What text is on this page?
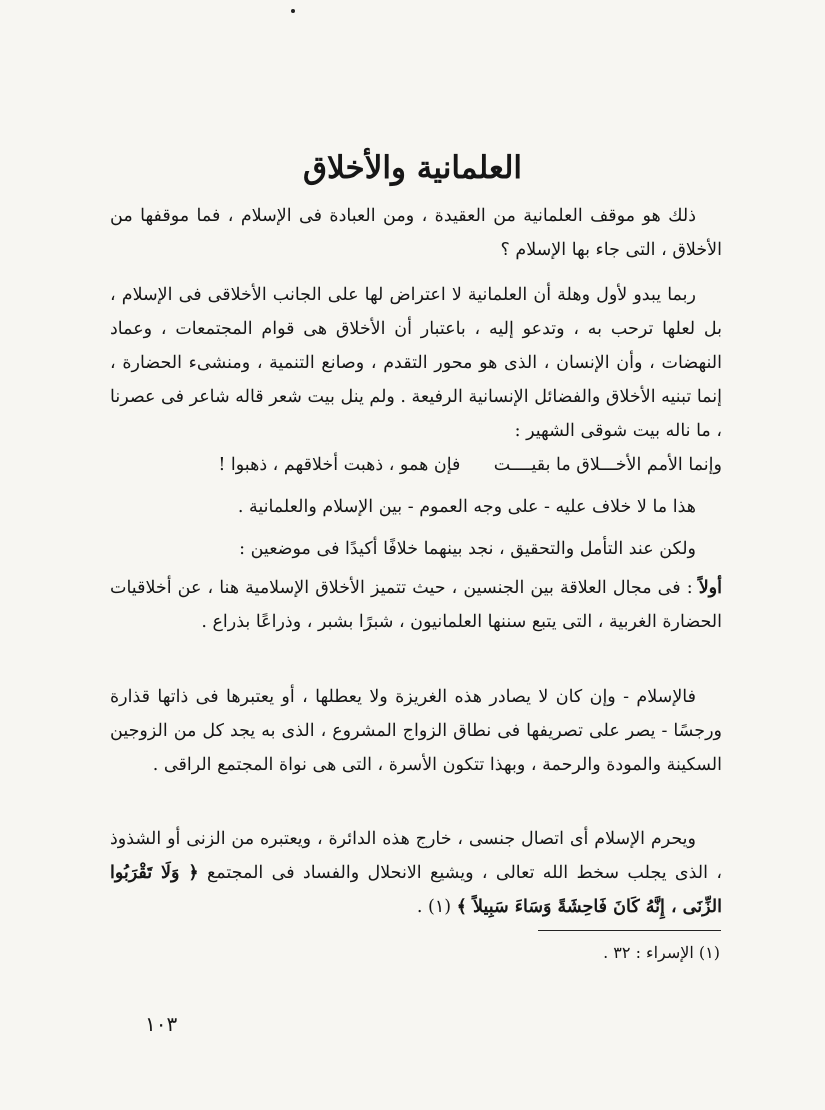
العلمانية والأخلاق

ذلك هو موقف العلمانية من العقيدة ، ومن العبادة فى الإسلام ، فما موقفها من الأخلاق ، التى جاء بها الإسلام ؟

ربما يبدو لأول وهلة أن العلمانية لا اعتراض لها على الجانب الأخلاقى فى الإسلام ، بل لعلها ترحب به ، وتدعو إليه ، باعتبار أن الأخلاق هى قوام المجتمعات ، وعماد النهضات ، وأن الإنسان ، الذى هو محور التقدم ، وصانع التنمية ، ومنشىء الحضارة ، إنما تبنيه الأخلاق والفضائل الإنسانية الرفيعة . ولم ينل بيت شعر قاله شاعر فى عصرنا ، ما ناله بيت شوقى الشهير :

وإنما الأمم الأخـــلاق ما بقيــــت      فإن همو ، ذهبت أخلاقهم ، ذهبوا !

هذا ما لا خلاف عليه - على وجه العموم - بين الإسلام والعلمانية .

ولكن عند التأمل والتحقيق ، نجد بينهما خلافًا أكيدًا فى موضعين :

أولاً : فى مجال العلاقة بين الجنسين ، حيث تتميز الأخلاق الإسلامية هنا ، عن أخلاقيات الحضارة الغربية ، التى يتبع سننها العلمانيون ، شبرًا بشبر ، وذراعًا بذراع .

فالإسلام - وإن كان لا يصادر هذه الغريزة ولا يعطلها ، أو يعتبرها فى ذاتها قذارة ورجسًا - يصر على تصريفها فى نطاق الزواج المشروع ، الذى به يجد كل من الزوجين السكينة والمودة والرحمة ، وبهذا تتكون الأسرة ، التى هى نواة المجتمع الراقى .

ويحرم الإسلام أى اتصال جنسى ، خارج هذه الدائرة ، ويعتبره من الزنى أو الشذوذ ، الذى يجلب سخط الله تعالى ، ويشيع الانحلال والفساد فى المجتمع ﴿ وَلَا تَقْرَبُوا الزِّنَى ، إِنَّهُ كَانَ فَاحِشَةً وَسَاءَ سَبِيلاً ﴾ (١) .

(١) الإسراء : ٣٢ .
١٠٣
